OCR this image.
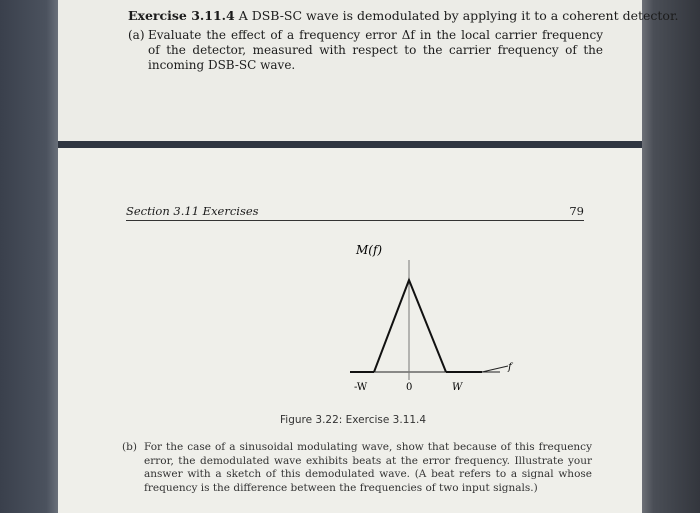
Exercise 3.11.4 A DSB-SC wave is demodulated by applying it to a coherent detector.
(a) Evaluate the effect of a frequency error Δf in the local carrier frequency of the detector, measured with respect to the carrier frequency of the incoming DSB-SC wave.
Section 3.11 Exercises	79
M(f)
f
-W	0	W
Figure 3.22: Exercise 3.11.4
(b) For the case of a sinusoidal modulating wave, show that because of this frequency error, the demodulated wave exhibits beats at the error frequency. Illustrate your answer with a sketch of this demodulated wave. (A beat refers to a signal whose frequency is the difference between the frequencies of two input signals.)
